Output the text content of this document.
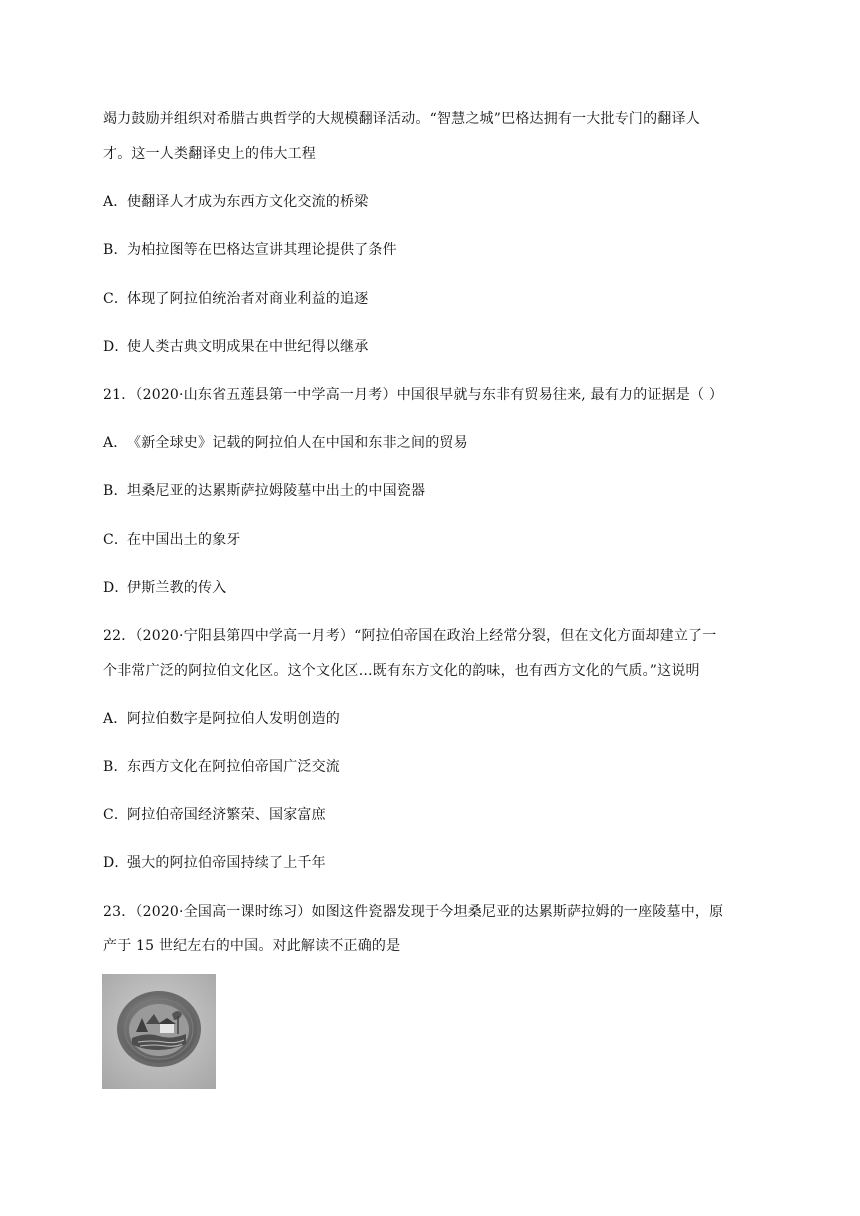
竭力鼓励并组织对希腊古典哲学的大规模翻译活动。“智慧之城”巴格达拥有一大批专门的翻译人
才。这一人类翻译史上的伟大工程
A．使翻译人才成为东西方文化交流的桥梁
B．为柏拉图等在巴格达宣讲其理论提供了条件
C．体现了阿拉伯统治者对商业利益的追逐
D．使人类古典文明成果在中世纪得以继承
21．（2020·山东省五莲县第一中学高一月考）中国很早就与东非有贸易往来, 最有力的证据是（ ）
A．《新全球史》记载的阿拉伯人在中国和东非之间的贸易
B．坦桑尼亚的达累斯萨拉姆陵墓中出土的中国瓷器
C．在中国出土的象牙
D．伊斯兰教的传入
22．（2020·宁阳县第四中学高一月考）“阿拉伯帝国在政治上经常分裂，但在文化方面却建立了一
个非常广泛的阿拉伯文化区。这个文化区…既有东方文化的韵味，也有西方文化的气质。”这说明
A．阿拉伯数字是阿拉伯人发明创造的
B．东西方文化在阿拉伯帝国广泛交流
C．阿拉伯帝国经济繁荣、国家富庶
D．强大的阿拉伯帝国持续了上千年
23．（2020·全国高一课时练习）如图这件瓷器发现于今坦桑尼亚的达累斯萨拉姆的一座陵墓中，原
产于 15 世纪左右的中国。对此解读不正确的是
